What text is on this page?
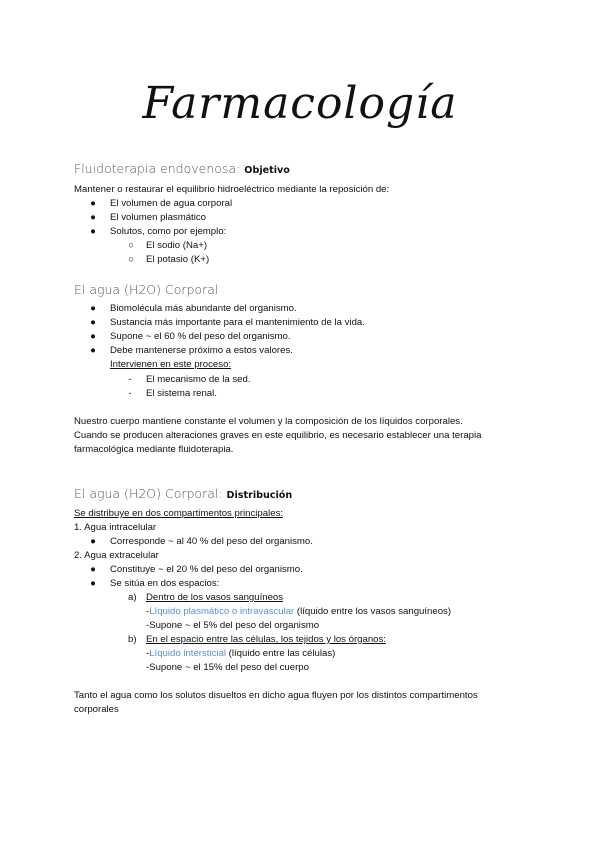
Farmacología
Fluidoterapia endovenosa: Objetivo
Mantener o restaurar el equilibrio hidroeléctrico mediante la reposición de:
● El volumen de agua corporal
● El volumen plasmático
● Solutos, como por ejemplo:
○ El sodio (Na+)
○ El potasio (K+)
El agua (H2O) Corporal
● Biomolécula más abundante del organismo.
● Sustancia más importante para el mantenimiento de la vida.
● Supone ~ el 60 % del peso del organismo.
● Debe mantenerse próximo a estos valores.
Intervienen en este proceso:
-	El mecanismo de la sed.
-	El sistema renal.
Nuestro cuerpo mantiene constante el volumen y la composición de los líquidos corporales.
Cuando se producen alteraciones graves en este equilibrio, es necesario establecer una terapia
farmacológica mediante fluidoterapia.
El agua (H2O) Corporal: Distribución
Se distribuye en dos compartimentos principales:
1. Agua intracelular
● Corresponde ~ al 40 % del peso del organismo.
2. Agua extracelular
● Constituye ~ el 20 % del peso del organismo.
● Se sitúa en dos espacios:
a) Dentro de los vasos sanguíneos
-Líquido plasmático o intravascular (líquido entre los vasos sanguíneos)
-Supone ~ el 5% del peso del organismo
b) En el espacio entre las células, los tejidos y los órganos:
-Líquido intersticial (líquido entre las células)
-Supone ~ el 15% del peso del cuerpo
Tanto el agua como los solutos disueltos en dicho agua fluyen por los distintos compartimentos
corporales
